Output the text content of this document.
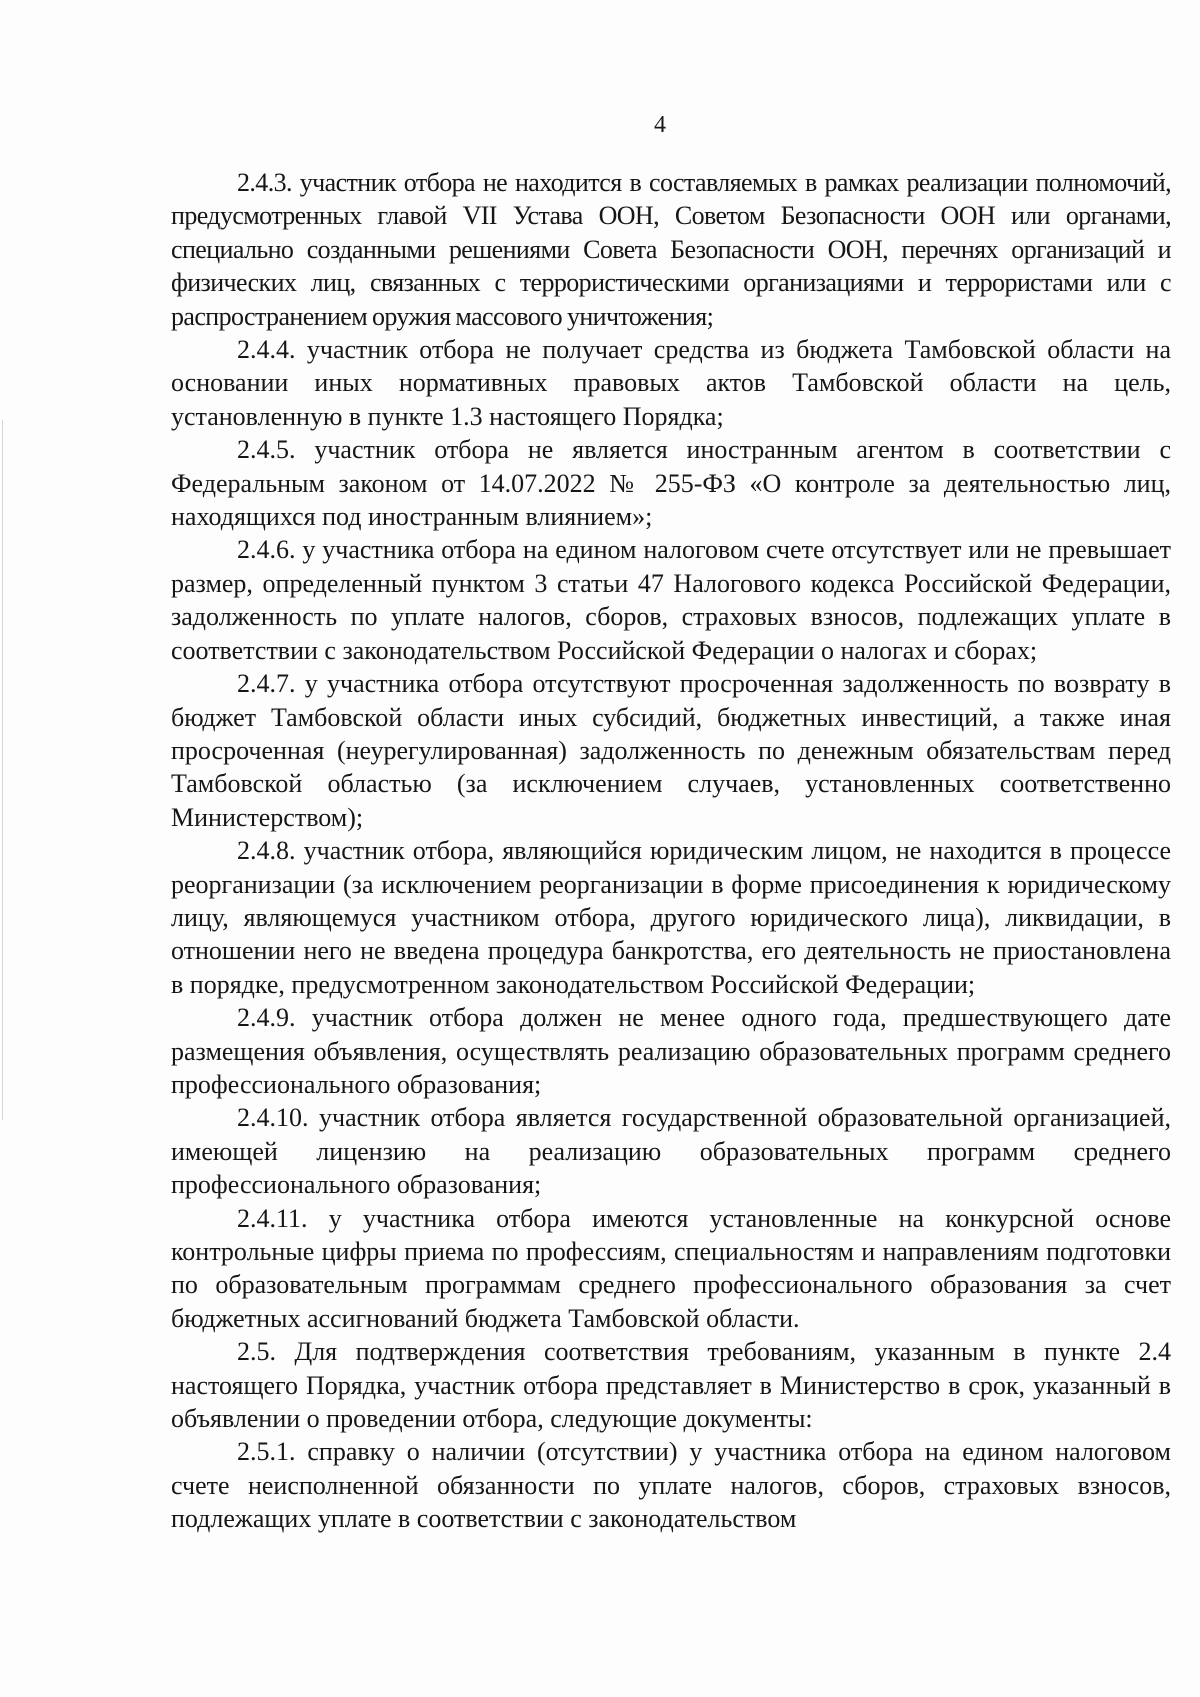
4

2.4.3. участник отбора не находится в составляемых в рамках реализации полномочий, предусмотренных главой VII Устава ООН, Советом Безопасности ООН или органами, специально созданными решениями Совета Безопасности ООН, перечнях организаций и физических лиц, связанных с террористическими организациями и террористами или с распространением оружия массового уничтожения;

2.4.4. участник отбора не получает средства из бюджета Тамбовской области на основании иных нормативных правовых актов Тамбовской области на цель, установленную в пункте 1.3 настоящего Порядка;

2.4.5. участник отбора не является иностранным агентом в соответствии с Федеральным законом от 14.07.2022 № 255-ФЗ «О контроле за деятельностью лиц, находящихся под иностранным влиянием»;

2.4.6. у участника отбора на едином налоговом счете отсутствует или не превышает размер, определенный пунктом 3 статьи 47 Налогового кодекса Российской Федерации, задолженность по уплате налогов, сборов, страховых взносов, подлежащих уплате в соответствии с законодательством Российской Федерации о налогах и сборах;

2.4.7. у участника отбора отсутствуют просроченная задолженность по возврату в бюджет Тамбовской области иных субсидий, бюджетных инвестиций, а также иная просроченная (неурегулированная) задолженность по денежным обязательствам перед Тамбовской областью (за исключением случаев, установленных соответственно Министерством);

2.4.8. участник отбора, являющийся юридическим лицом, не находится в процессе реорганизации (за исключением реорганизации в форме присоединения к юридическому лицу, являющемуся участником отбора, другого юридического лица), ликвидации, в отношении него не введена процедура банкротства, его деятельность не приостановлена в порядке, предусмотренном законодательством Российской Федерации;

2.4.9. участник отбора должен не менее одного года, предшествующего дате размещения объявления, осуществлять реализацию образовательных программ среднего профессионального образования;

2.4.10. участник отбора является государственной образовательной организацией, имеющей лицензию на реализацию образовательных программ среднего профессионального образования;

2.4.11. у участника отбора имеются установленные на конкурсной основе контрольные цифры приема по профессиям, специальностям и направлениям подготовки по образовательным программам среднего профессионального образования за счет бюджетных ассигнований бюджета Тамбовской области.

2.5. Для подтверждения соответствия требованиям, указанным в пункте 2.4 настоящего Порядка, участник отбора представляет в Министерство в срок, указанный в объявлении о проведении отбора, следующие документы:

2.5.1. справку о наличии (отсутствии) у участника отбора на едином налоговом счете неисполненной обязанности по уплате налогов, сборов, страховых взносов, подлежащих уплате в соответствии с законодательством
